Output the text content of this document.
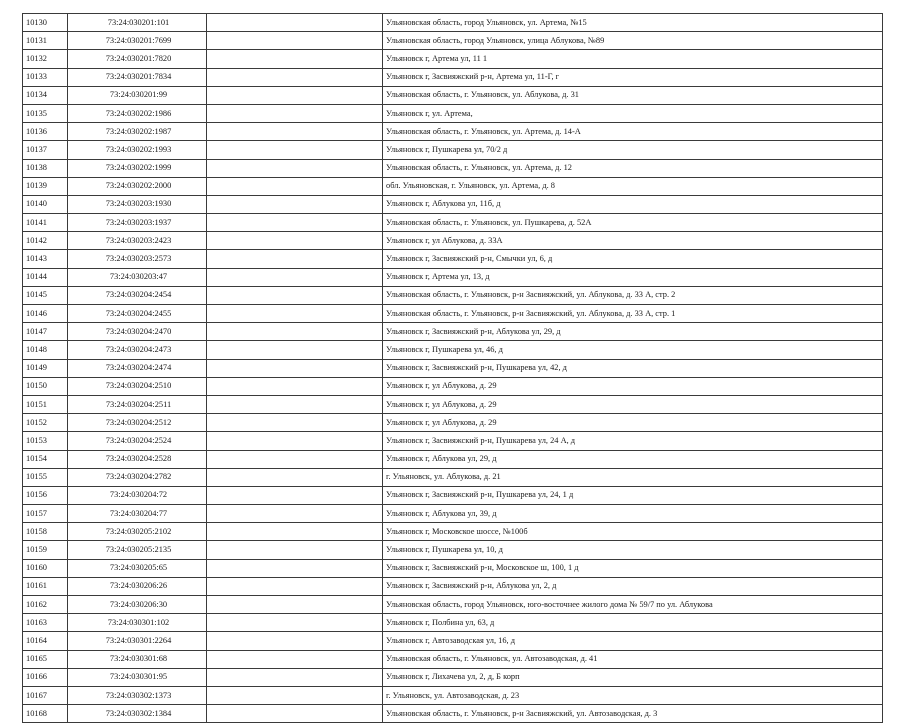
10130	73:24:030201:101		Ульяновская область, город Ульяновск, ул. Артема, №15
10131	73:24:030201:7699		Ульяновская область, город Ульяновск, улица Аблукова, №89
10132	73:24:030201:7820		Ульяновск г, Артема ул, 11 1
10133	73:24:030201:7834		Ульяновск г, Засвияжский р-н, Артема ул, 11-Г, г
10134	73:24:030201:99		Ульяновская область, г. Ульяновск, ул. Аблукова, д. 31
10135	73:24:030202:1986		Ульяновск г, ул. Артема,
10136	73:24:030202:1987		Ульяновская область, г. Ульяновск, ул. Артема, д. 14-А
10137	73:24:030202:1993		Ульяновск г, Пушкарева ул, 70/2 д
10138	73:24:030202:1999		Ульяновская область, г. Ульяновск, ул. Артема, д. 12
10139	73:24:030202:2000		обл. Ульяновская, г. Ульяновск, ул. Артема, д. 8
10140	73:24:030203:1930		Ульяновск г, Аблукова ул, 11б, д
10141	73:24:030203:1937		Ульяновская область, г. Ульяновск, ул. Пушкарева, д. 52А
10142	73:24:030203:2423		Ульяновск г, ул Аблукова, д. 33А
10143	73:24:030203:2573		Ульяновск г, Засвияжский р-н, Смычки ул, 6, д
10144	73:24:030203:47		Ульяновск г, Артема ул, 13, д
10145	73:24:030204:2454		Ульяновская область, г. Ульяновск, р-н Засвияжский, ул. Аблукова, д. 33 А, стр. 2
10146	73:24:030204:2455		Ульяновская область, г. Ульяновск, р-н Засвияжский, ул. Аблукова, д. 33 А, стр. 1
10147	73:24:030204:2470		Ульяновск г, Засвияжский р-н, Аблукова ул, 29, д
10148	73:24:030204:2473		Ульяновск г, Пушкарева ул, 46, д
10149	73:24:030204:2474		Ульяновск г, Засвияжский р-н, Пушкарева ул, 42, д
10150	73:24:030204:2510		Ульяновск г, ул Аблукова, д. 29
10151	73:24:030204:2511		Ульяновск г, ул Аблукова, д. 29
10152	73:24:030204:2512		Ульяновск г, ул Аблукова, д. 29
10153	73:24:030204:2524		Ульяновск г, Засвияжский р-н, Пушкарева ул, 24 А, д
10154	73:24:030204:2528		Ульяновск г, Аблукова ул, 29, д
10155	73:24:030204:2782		г. Ульяновск, ул. Аблукова, д. 21
10156	73:24:030204:72		Ульяновск г, Засвияжский р-н, Пушкарева ул, 24, 1 д
10157	73:24:030204:77		Ульяновск г, Аблукова ул, 39, д
10158	73:24:030205:2102		Ульяновск г, Московское шоссе, №100б
10159	73:24:030205:2135		Ульяновск г, Пушкарева ул, 10, д
10160	73:24:030205:65		Ульяновск г, Засвияжский р-н, Московское ш, 100, 1 д
10161	73:24:030206:26		Ульяновск г, Засвияжский р-н, Аблукова ул, 2, д
10162	73:24:030206:30		Ульяновская область, город Ульяновск, юго-восточнее жилого дома № 59/7 по ул. Аблукова
10163	73:24:030301:102		Ульяновск г, Полбина ул, 63, д
10164	73:24:030301:2264		Ульяновск г, Автозаводская ул, 16, д
10165	73:24:030301:68		Ульяновская область, г. Ульяновск, ул. Автозаводская, д. 41
10166	73:24:030301:95		Ульяновск г, Лихачева ул, 2, д, Б корп
10167	73:24:030302:1373		г. Ульяновск, ул. Автозаводская, д. 23
10168	73:24:030302:1384		Ульяновская область, г. Ульяновск, р-н Засвияжский, ул. Автозаводская, д. 3
